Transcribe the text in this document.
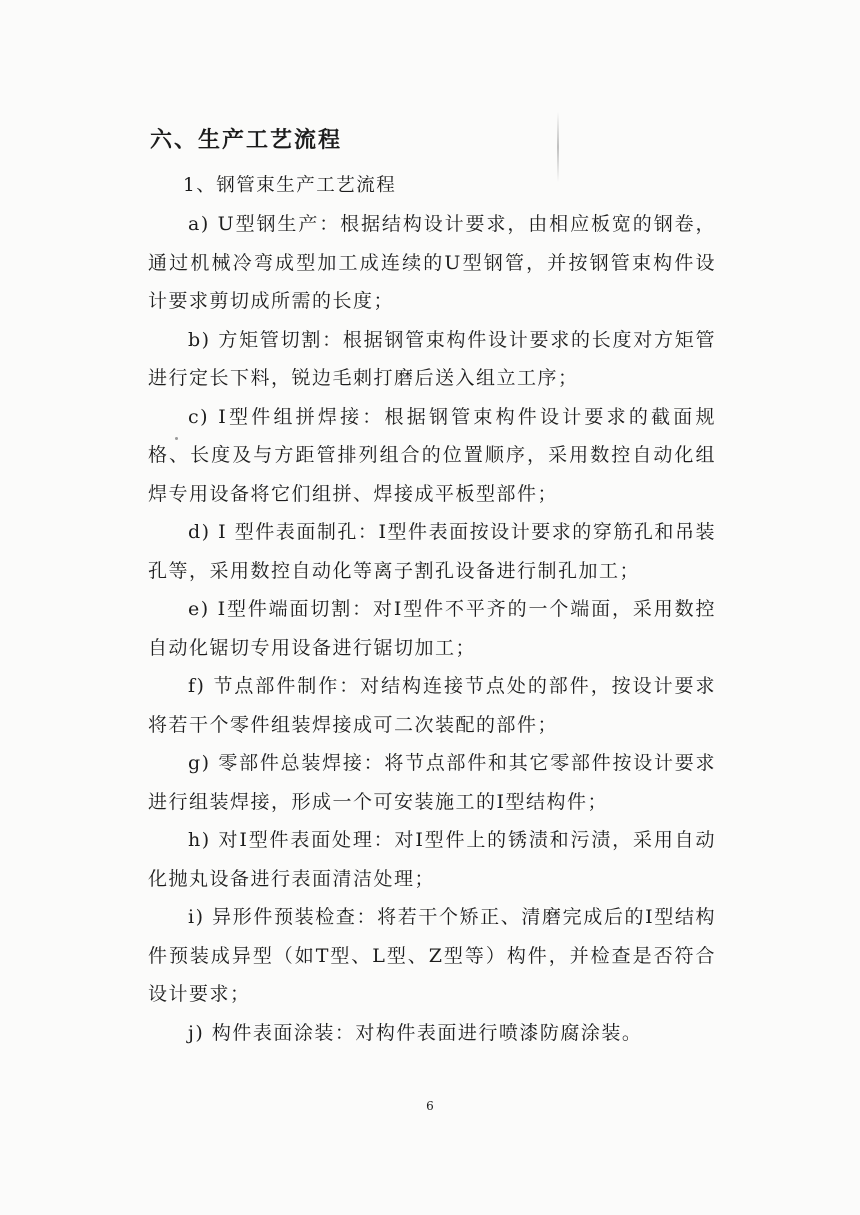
六、生产工艺流程
1、钢管束生产工艺流程

a) U型钢生产：根据结构设计要求，由相应板宽的钢卷，通过机械冷弯成型加工成连续的U型钢管，并按钢管束构件设计要求剪切成所需的长度；

b) 方矩管切割：根据钢管束构件设计要求的长度对方矩管进行定长下料，锐边毛刺打磨后送入组立工序；

c) I型件组拼焊接：根据钢管束构件设计要求的截面规格、长度及与方距管排列组合的位置顺序，采用数控自动化组焊专用设备将它们组拼、焊接成平板型部件；

d) I 型件表面制孔：I型件表面按设计要求的穿筋孔和吊装孔等，采用数控自动化等离子割孔设备进行制孔加工；

e) I型件端面切割：对I型件不平齐的一个端面，采用数控自动化锯切专用设备进行锯切加工；

f) 节点部件制作：对结构连接节点处的部件，按设计要求将若干个零件组装焊接成可二次装配的部件；

g) 零部件总装焊接：将节点部件和其它零部件按设计要求进行组装焊接，形成一个可安装施工的I型结构件；

h) 对I型件表面处理：对I型件上的锈渍和污渍，采用自动化抛丸设备进行表面清洁处理；

i) 异形件预装检查：将若干个矫正、清磨完成后的I型结构件预装成异型（如T型、L型、Z型等）构件，并检查是否符合设计要求；

j) 构件表面涂装：对构件表面进行喷漆防腐涂装。

6
